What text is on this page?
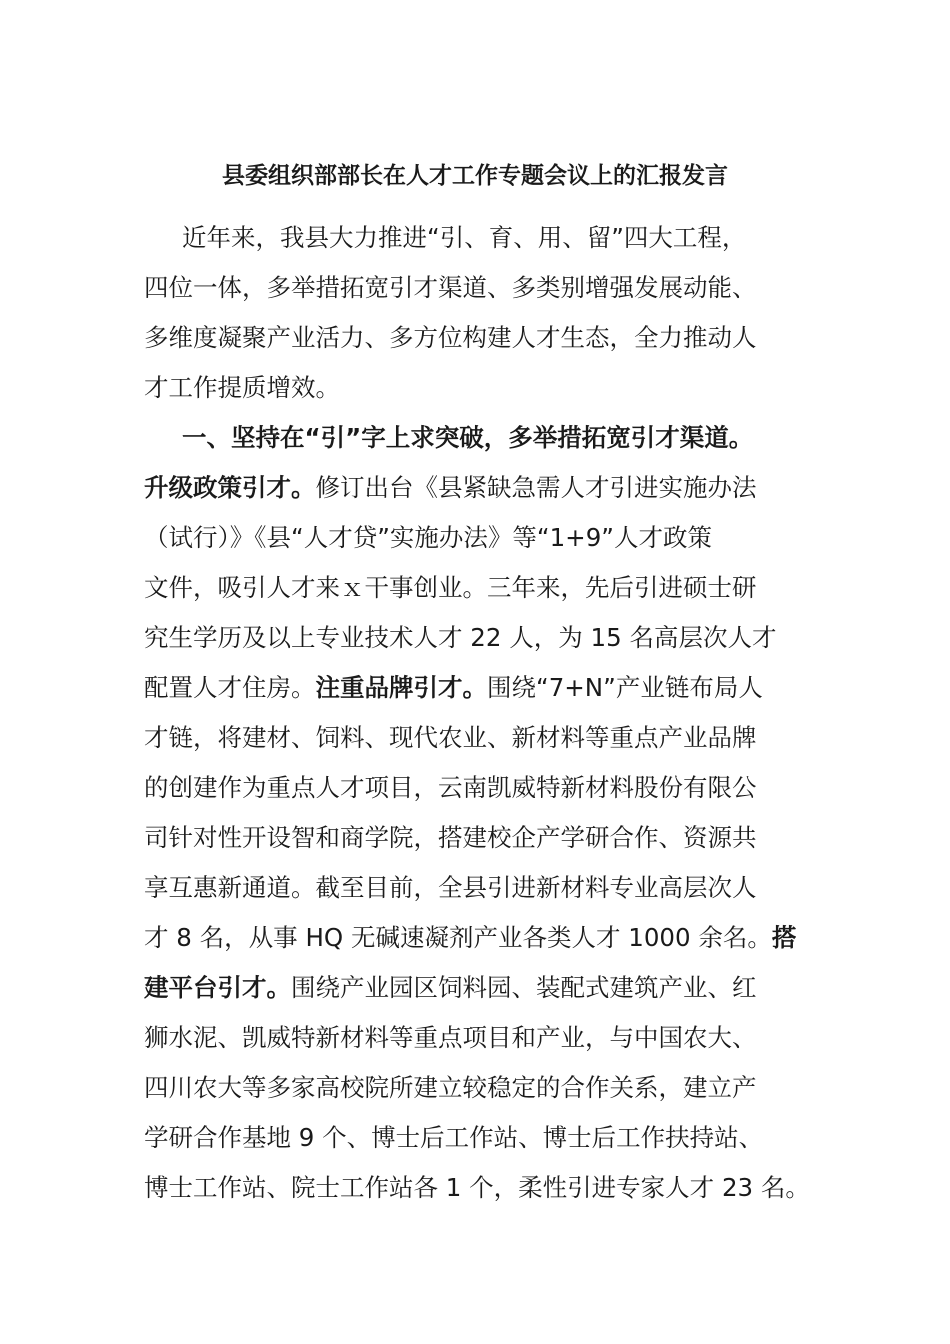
县委组织部部长在人才工作专题会议上的汇报发言
近年来，我县大力推进“引、育、用、留”四大工程，
四位一体，多举措拓宽引才渠道、多类别增强发展动能、
多维度凝聚产业活力、多方位构建人才生态，全力推动人
才工作提质增效。
一、坚持在“引”字上求突破，多举措拓宽引才渠道。
升级政策引才。修订出台《县紧缺急需人才引进实施办法
（试行）》《县“人才贷”实施办法》等“1+9”人才政策
文件，吸引人才来ｘ干事创业。三年来，先后引进硕士研
究生学历及以上专业技术人才 22 人，为 15 名高层次人才
配置人才住房。注重品牌引才。围绕“7+N”产业链布局人
才链，将建材、饲料、现代农业、新材料等重点产业品牌
的创建作为重点人才项目，云南凯威特新材料股份有限公
司针对性开设智和商学院，搭建校企产学研合作、资源共
享互惠新通道。截至目前，全县引进新材料专业高层次人
才 8 名，从事 HQ 无碱速凝剂产业各类人才 1000 余名。搭
建平台引才。围绕产业园区饲料园、装配式建筑产业、红
狮水泥、凯威特新材料等重点项目和产业，与中国农大、
四川农大等多家高校院所建立较稳定的合作关系，建立产
学研合作基地 9 个、博士后工作站、博士后工作扶持站、
博士工作站、院士工作站各 1 个，柔性引进专家人才 23 名。
